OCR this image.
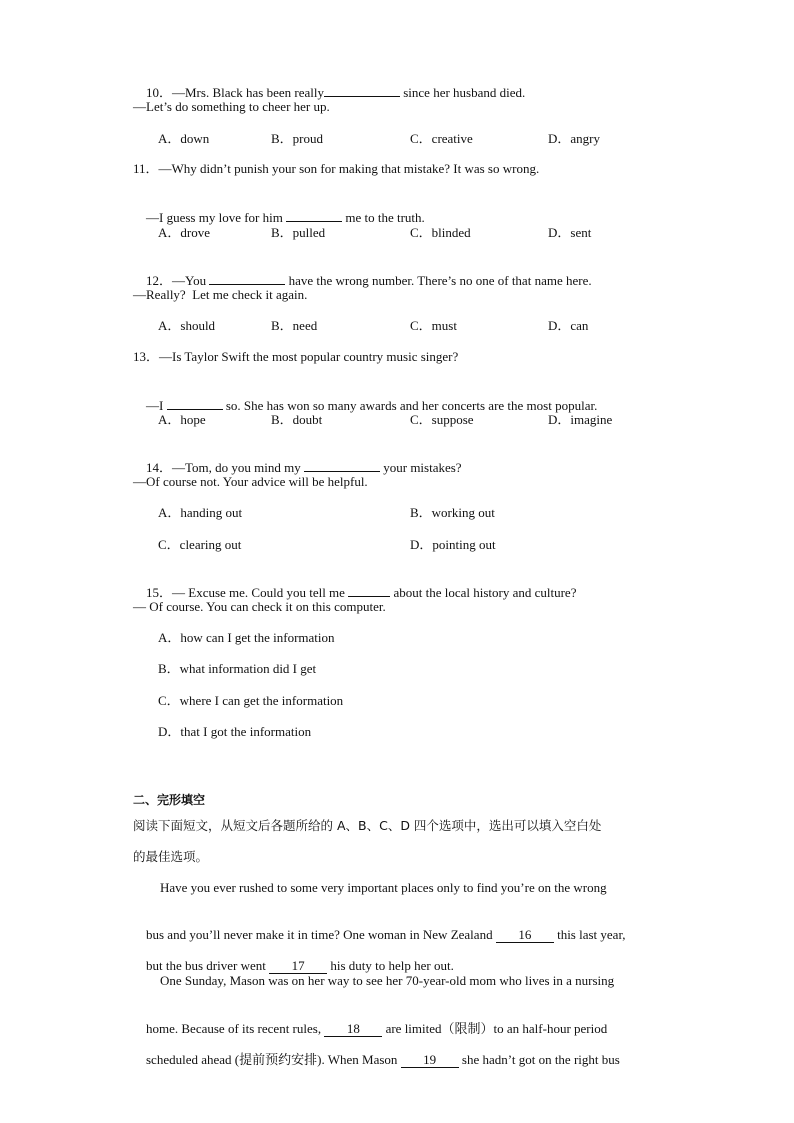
10．—Mrs. Black has been really	since her husband died.

—Let’s do something to cheer her up.
A．down	B．proud	C．creative	D．angry
11．—Why didn’t punish your son for making that mistake? It was so wrong.

—I guess my love for him	me to the truth.

A．drove	B．pulled	C．blinded	D．sent

12．—You	have the wrong number. There’s no one of that name here.

—Really?  Let me check it again.
A．should	B．need	C．must	D．can
13．—Is Taylor Swift the most popular country music singer?

—I	so. She has won so many awards and her concerts are the most popular.

A．hope	B．doubt	C．suppose	D．imagine

14．—Tom, do you mind my	your mistakes?

—Of course not. Your advice will be helpful.
A．handing out	B．working out
C．clearing out	D．pointing out

15．— Excuse me. Could you tell me	about the local history and culture?

— Of course. You can check it on this computer.
A．how can I get the information
B．what information did I get
C．where I can get the information
D．that I got the information
二、完形填空
阅读下面短文，从短文后各题所给的 A、B、C、D 四个选项中，选出可以填入空白处
的最佳选项。
Have you ever rushed to some very important places only to find you’re on the wrong

bus and you’ll never make it in time? One woman in New Zealand 16 this last year,

but the bus driver went 17 his duty to help her out.

One Sunday, Mason was on her way to see her 70-year-old mom who lives in a nursing

home. Because of its recent rules, 18 are limited（限制）to an half-hour period

scheduled ahead (提前预约安排). When Mason 19 she hadn’t got on the right bus
